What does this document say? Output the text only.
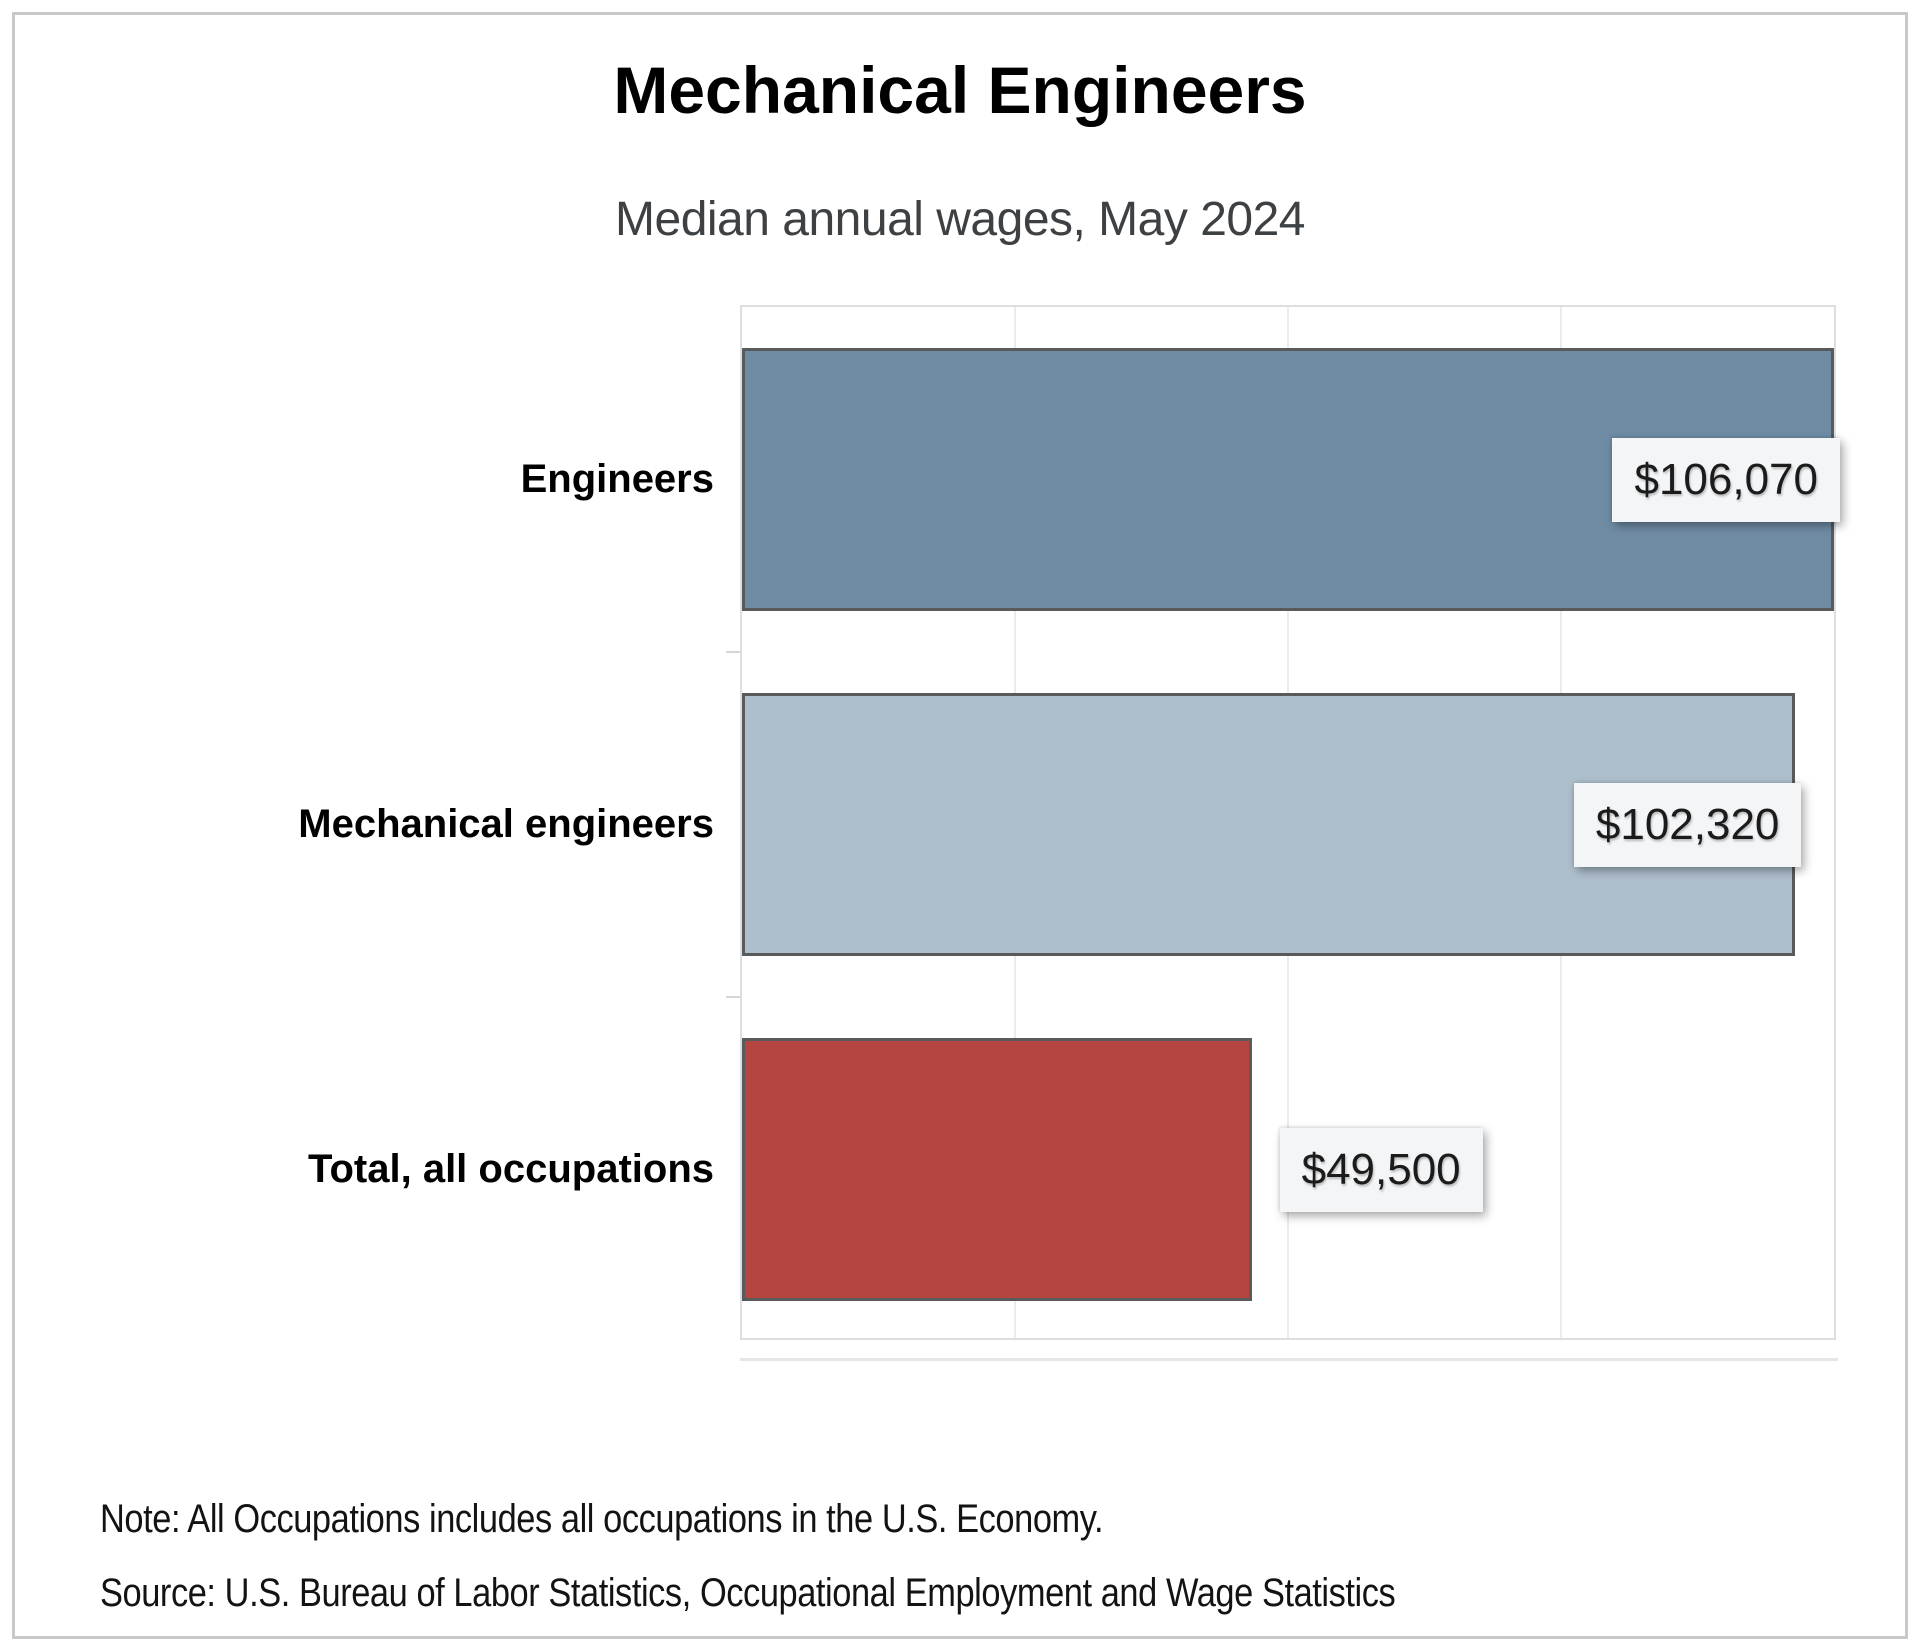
Mechanical Engineers
Median annual wages, May 2024
Engineers	$106,070
Mechanical engineers	$102,320
Total, all occupations	$49,500
Note: All Occupations includes all occupations in the U.S. Economy.
Source: U.S. Bureau of Labor Statistics, Occupational Employment and Wage Statistics
